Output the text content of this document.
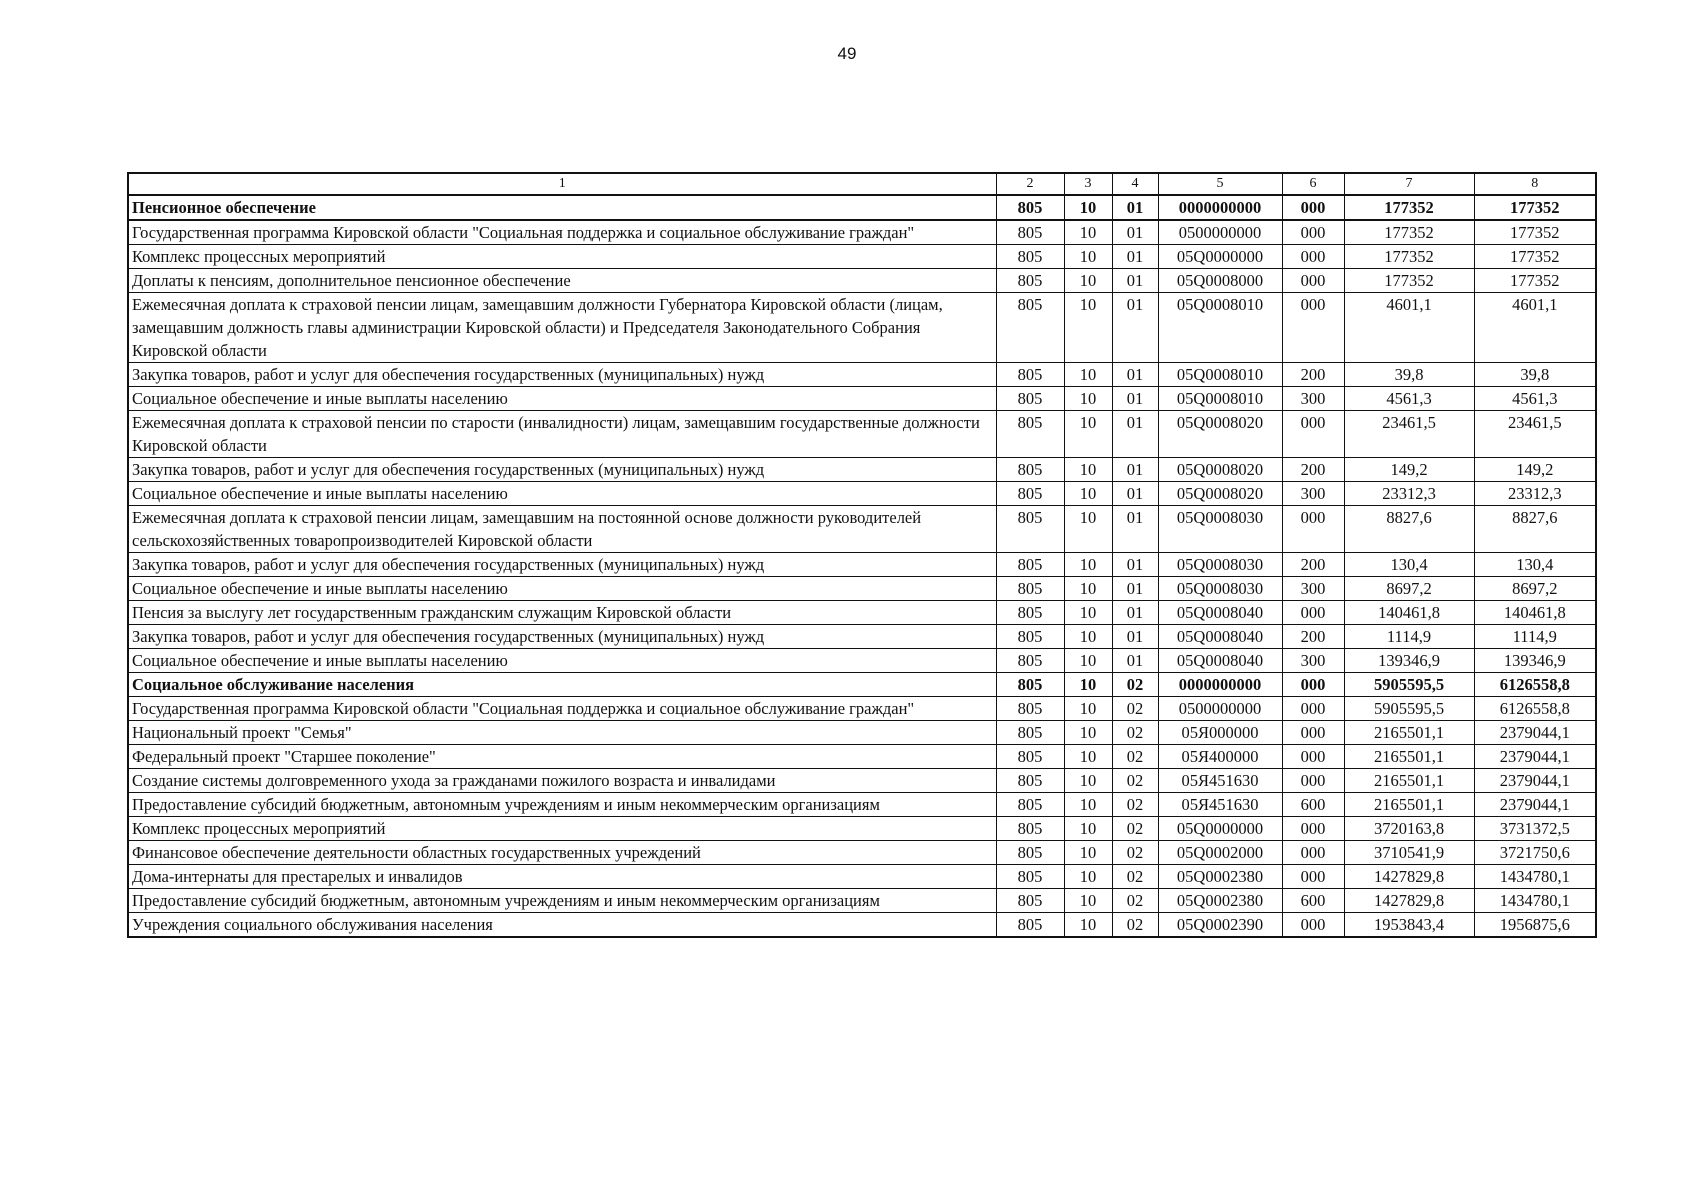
49
1	2	3	4	5	6	7	8
Пенсионное обеспечение	805	10	01	0000000000	000	177352	177352
Государственная программа Кировской области "Социальная поддержка и социальное обслуживание граждан"	805	10	01	0500000000	000	177352	177352
Комплекс процессных мероприятий	805	10	01	05Q0000000	000	177352	177352
Доплаты к пенсиям, дополнительное пенсионное обеспечение	805	10	01	05Q0008000	000	177352	177352
Ежемесячная доплата к страховой пенсии лицам, замещавшим должности Губернатора Кировской области (лицам, замещавшим должность главы администрации Кировской области) и Председателя Законодательного Собрания Кировской области	805	10	01	05Q0008010	000	4601,1	4601,1
Закупка товаров, работ и услуг для обеспечения государственных (муниципальных) нужд	805	10	01	05Q0008010	200	39,8	39,8
Социальное обеспечение и иные выплаты населению	805	10	01	05Q0008010	300	4561,3	4561,3
Ежемесячная доплата к страховой пенсии по старости (инвалидности) лицам, замещавшим государственные должности Кировской области	805	10	01	05Q0008020	000	23461,5	23461,5
Закупка товаров, работ и услуг для обеспечения государственных (муниципальных) нужд	805	10	01	05Q0008020	200	149,2	149,2
Социальное обеспечение и иные выплаты населению	805	10	01	05Q0008020	300	23312,3	23312,3
Ежемесячная доплата к страховой пенсии лицам, замещавшим на постоянной основе должности руководителей сельскохозяйственных товаропроизводителей Кировской области	805	10	01	05Q0008030	000	8827,6	8827,6
Закупка товаров, работ и услуг для обеспечения государственных (муниципальных) нужд	805	10	01	05Q0008030	200	130,4	130,4
Социальное обеспечение и иные выплаты населению	805	10	01	05Q0008030	300	8697,2	8697,2
Пенсия за выслугу лет государственным гражданским служащим Кировской области	805	10	01	05Q0008040	000	140461,8	140461,8
Закупка товаров, работ и услуг для обеспечения государственных (муниципальных) нужд	805	10	01	05Q0008040	200	1114,9	1114,9
Социальное обеспечение и иные выплаты населению	805	10	01	05Q0008040	300	139346,9	139346,9
Социальное обслуживание населения	805	10	02	0000000000	000	5905595,5	6126558,8
Государственная программа Кировской области "Социальная поддержка и социальное обслуживание граждан"	805	10	02	0500000000	000	5905595,5	6126558,8
Национальный проект "Семья"	805	10	02	05Я000000	000	2165501,1	2379044,1
Федеральный проект "Старшее поколение"	805	10	02	05Я400000	000	2165501,1	2379044,1
Создание системы долговременного ухода за гражданами пожилого возраста и инвалидами	805	10	02	05Я451630	000	2165501,1	2379044,1
Предоставление субсидий бюджетным, автономным учреждениям и иным некоммерческим организациям	805	10	02	05Я451630	600	2165501,1	2379044,1
Комплекс процессных мероприятий	805	10	02	05Q0000000	000	3720163,8	3731372,5
Финансовое обеспечение деятельности областных государственных учреждений	805	10	02	05Q0002000	000	3710541,9	3721750,6
Дома-интернаты для престарелых и инвалидов	805	10	02	05Q0002380	000	1427829,8	1434780,1
Предоставление субсидий бюджетным, автономным учреждениям и иным некоммерческим организациям	805	10	02	05Q0002380	600	1427829,8	1434780,1
Учреждения социального обслуживания населения	805	10	02	05Q0002390	000	1953843,4	1956875,6
